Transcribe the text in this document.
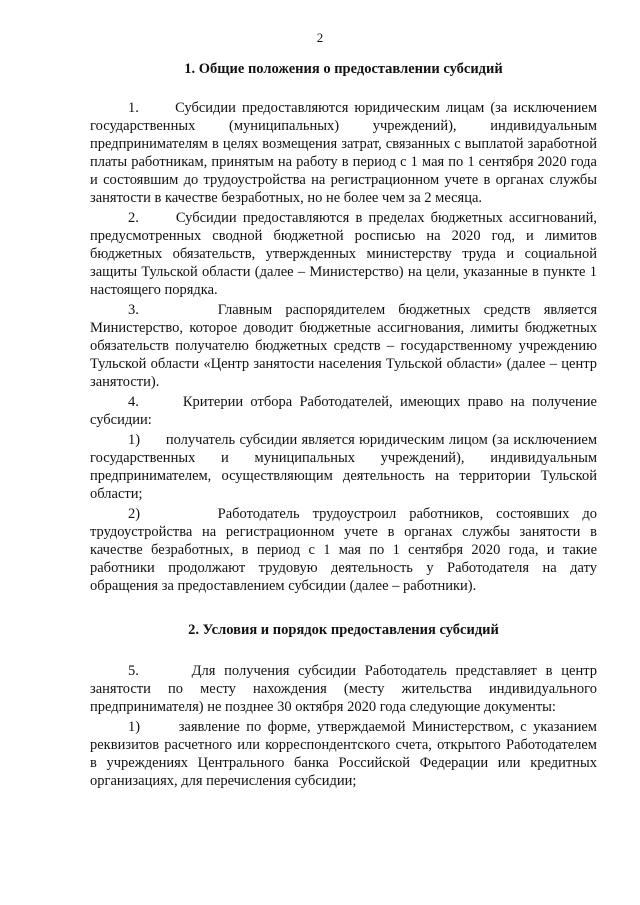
2
1. Общие положения о предоставлении субсидий

1.      Субсидии предоставляются юридическим лицам (за исключением государственных (муниципальных) учреждений), индивидуальным предпринимателям в целях возмещения затрат, связанных с выплатой заработной платы работникам, принятым на работу в период с 1 мая по 1 сентября 2020 года и состоявшим до трудоустройства на регистрационном учете в органах службы занятости в качестве безработных, но не более чем за 2 месяца.

2.      Субсидии предоставляются в пределах бюджетных ассигнований, предусмотренных сводной бюджетной росписью на 2020 год, и лимитов бюджетных обязательств, утвержденных министерству труда и социальной защиты Тульской области (далее – Министерство) на цели, указанные в пункте 1 настоящего порядка.

3.      Главным распорядителем бюджетных средств является Министерство, которое доводит бюджетные ассигнования, лимиты бюджетных обязательств получателю бюджетных средств – государственному учреждению Тульской области «Центр занятости населения Тульской области» (далее – центр занятости).

4.      Критерии отбора Работодателей, имеющих право на получение субсидии:

1)      получатель субсидии является юридическим лицом (за исключением государственных и муниципальных учреждений), индивидуальным предпринимателем, осуществляющим деятельность на территории Тульской области;

2)      Работодатель трудоустроил работников, состоявших до трудоустройства на регистрационном учете в органах службы занятости в качестве безработных, в период с 1 мая по 1 сентября 2020 года, и такие работники продолжают трудовую деятельность у Работодателя на дату обращения за предоставлением субсидии (далее – работники).

2. Условия и порядок предоставления субсидий

5.      Для получения субсидии Работодатель представляет в центр занятости по месту нахождения (месту жительства индивидуального предпринимателя) не позднее 30 октября 2020 года следующие документы:

1)      заявление по форме, утверждаемой Министерством, с указанием реквизитов расчетного или корреспондентского счета, открытого Работодателем в учреждениях Центрального банка Российской Федерации или кредитных организациях, для перечисления субсидии;
